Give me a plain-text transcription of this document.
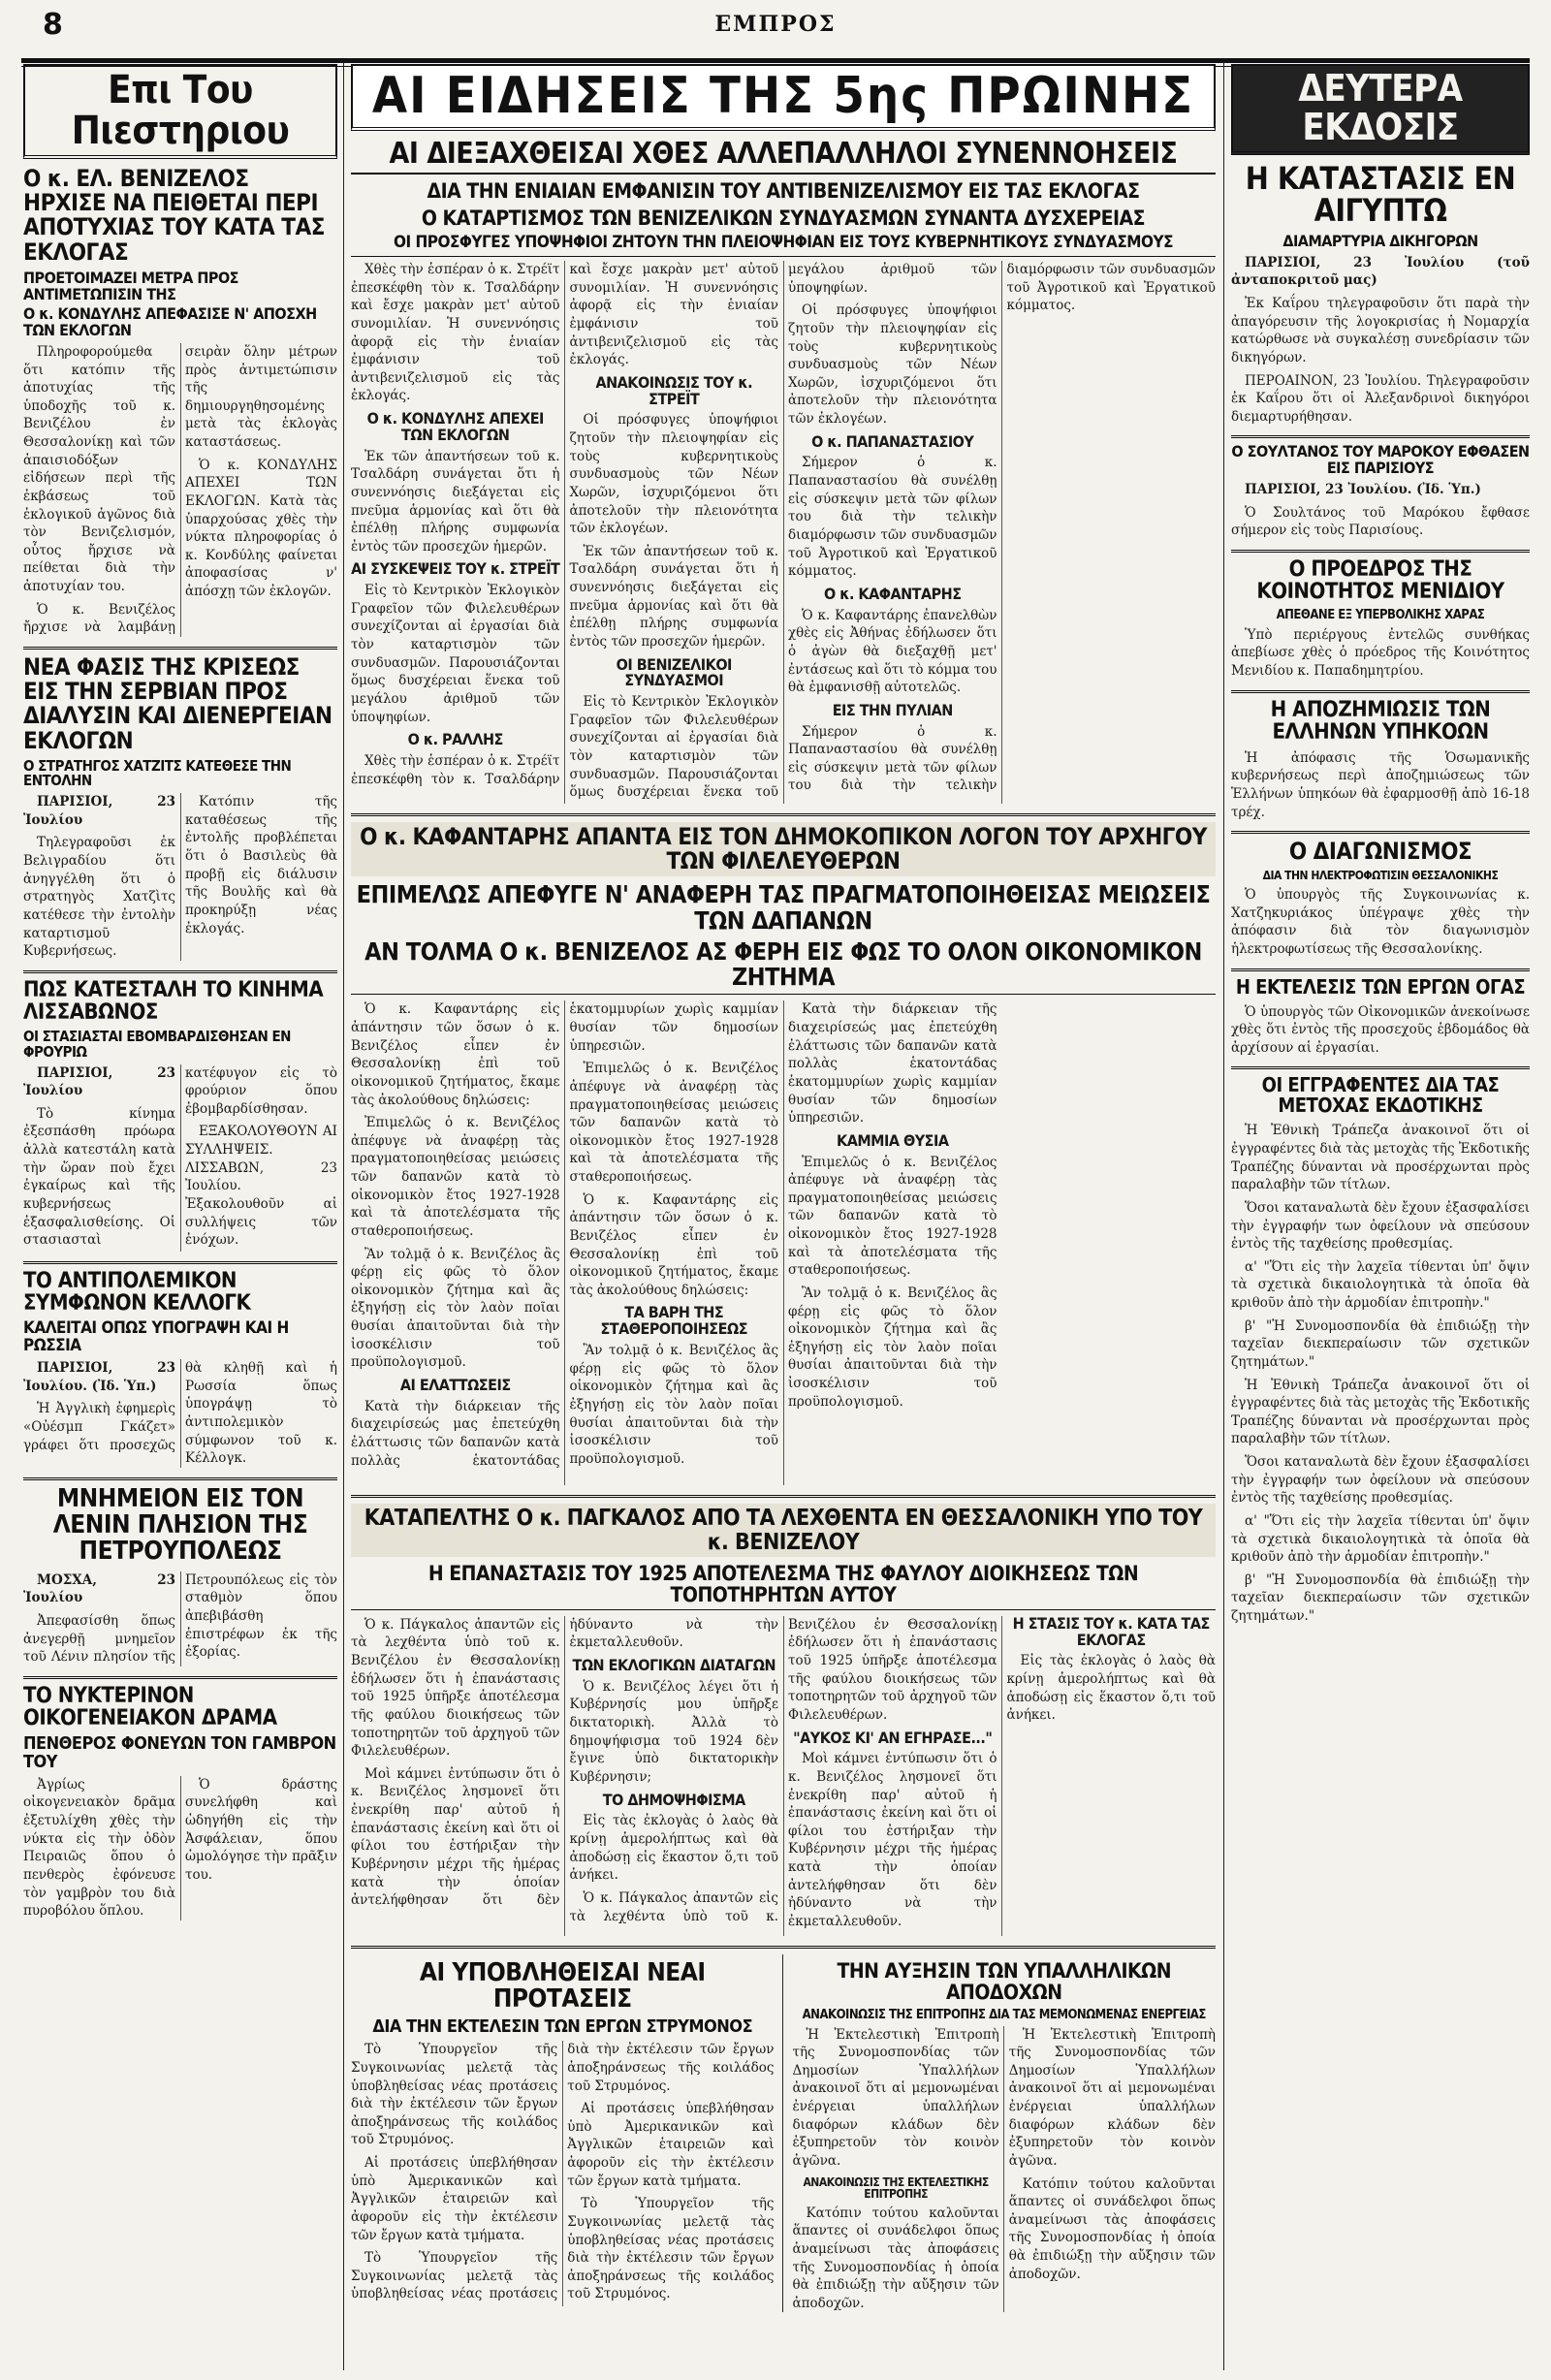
8	ΕΜΠΡΟΣ
Επι Του Πιεστηριου
Ο κ. ΕΛ. ΒΕΝΙΖΕΛΟΣ ΗΡΧΙΣΕ ΝΑ ΠΕΙΘΕΤΑΙ ΠΕΡΙ ΑΠΟΤΥΧΙΑΣ ΤΟΥ ΚΑΤΑ ΤΑΣ ΕΚΛΟΓΑΣ
ΠΡΟΕΤΟΙΜΑΖΕΙ ΜΕΤΡΑ ΠΡΟΣ ΑΝΤΙΜΕΤΩΠΙΣΙΝ ΤΗΣ
Ο κ. ΚΟΝΔΥΛΗΣ ΑΠΕΦΑΣΙΣΕ Ν' ΑΠΟΣΧΗ ΤΩΝ ΕΚΛΟΓΩΝ

Πληροφορούμεθα ὅτι κατόπιν τῆς ἀποτυχίας τῆς ὑποδοχῆς τοῦ κ. Βενιζέλου ἐν Θεσσαλονίκῃ καὶ τῶν ἀπαισιοδόξων εἰδήσεων περὶ τῆς ἐκβάσεως τοῦ ἐκλογικοῦ ἀγῶνος διὰ τὸν Βενιζελισμόν, οὗτος ἤρχισε νὰ πείθεται διὰ τὴν ἀποτυχίαν του.

Ὁ κ. Βενιζέλος ἤρχισε νὰ λαμβάνῃ σειρὰν ὅλην μέτρων πρὸς ἀντιμετώπισιν τῆς δημιουργηθησομένης μετὰ τὰς ἐκλογὰς καταστάσεως.

Ὁ κ. ΚΟΝΔΥΛΗΣ ΑΠΕΧΕΙ ΤΩΝ ΕΚΛΟΓΩΝ. Κατὰ τὰς ὑπαρχούσας χθὲς τὴν νύκτα πληροφορίας ὁ κ. Κονδύλης φαίνεται ἀποφασίσας ν' ἀπόσχῃ τῶν ἐκλογῶν.

ΝΕΑ ΦΑΣΙΣ ΤΗΣ ΚΡΙΣΕΩΣ ΕΙΣ ΤΗΝ ΣΕΡΒΙΑΝ ΠΡΟΣ ΔΙΑΛΥΣΙΝ ΚΑΙ ΔΙΕΝΕΡΓΕΙΑΝ ΕΚΛΟΓΩΝ
Ο ΣΤΡΑΤΗΓΟΣ ΧΑΤΖΙΤΣ ΚΑΤΕΘΕΣΕ ΤΗΝ ΕΝΤΟΛΗΝ

ΠΑΡΙΣΙΟΙ, 23 Ἰουλίου

Τηλεγραφοῦσι ἐκ Βελιγραδίου ὅτι ἀνηγγέλθη ὅτι ὁ στρατηγὸς Χατζὶτς κατέθεσε τὴν ἐντολὴν καταρτισμοῦ Κυβερνήσεως.

Κατόπιν τῆς καταθέσεως τῆς ἐντολῆς προβλέπεται ὅτι ὁ Βασιλεὺς θὰ προβῇ εἰς διάλυσιν τῆς Βουλῆς καὶ θὰ προκηρύξῃ νέας ἐκλογάς.

ΠΩΣ ΚΑΤΕΣΤΑΛΗ ΤΟ ΚΙΝΗΜΑ ΛΙΣΣΑΒΩΝΟΣ
ΟΙ ΣΤΑΣΙΑΣΤΑΙ ΕΒΟΜΒΑΡΔΙΣΘΗΣΑΝ ΕΝ ΦΡΟΥΡΙΩ

ΠΑΡΙΣΙΟΙ, 23 Ἰουλίου

Τὸ κίνημα ἐξεσπάσθη πρόωρα ἀλλὰ κατεστάλη κατὰ τὴν ὥραν ποὺ ἔχει ἐγκαίρως καὶ τῆς κυβερνήσεως ἐξασφαλισθείσης. Οἱ στασιασταὶ κατέφυγον εἰς τὸ φρούριον ὅπου ἐβομβαρδίσθησαν.

ΕΞΑΚΟΛΟΥΘΟΥΝ ΑΙ ΣΥΛΛΗΨΕΙΣ. ΛΙΣΣΑΒΩΝ, 23 Ἰουλίου. Ἐξακολουθοῦν αἱ συλλήψεις τῶν ἐνόχων.

ΤΟ ΑΝΤΙΠΟΛΕΜΙΚΟΝ ΣΥΜΦΩΝΟΝ ΚΕΛΛΟΓΚ
ΚΑΛΕΙΤΑΙ ΟΠΩΣ ΥΠΟΓΡΑΨΗ ΚΑΙ Η ΡΩΣΣΙΑ

ΠΑΡΙΣΙΟΙ, 23 Ἰουλίου. (Ἰδ. Ὑπ.)

Ἡ Ἀγγλικὴ ἐφημερὶς «Οὐέσμπ Γκάζετ» γράφει ὅτι προσεχῶς θὰ κληθῇ καὶ ἡ Ρωσσία ὅπως ὑπογράψῃ τὸ ἀντιπολεμικὸν σύμφωνον τοῦ κ. Κέλλογκ.

ΜΝΗΜΕΙΟΝ ΕΙΣ ΤΟΝ ΛΕΝΙΝ ΠΛΗΣΙΟΝ ΤΗΣ ΠΕΤΡΟΥΠΟΛΕΩΣ

ΜΟΣΧΑ, 23 Ἰουλίου

Ἀπεφασίσθη ὅπως ἀνεγερθῇ μνημεῖον τοῦ Λένιν πλησίον τῆς Πετρουπόλεως εἰς τὸν σταθμὸν ὅπου ἀπεβιβάσθη ἐπιστρέφων ἐκ τῆς ἐξορίας.

ΤΟ ΝΥΚΤΕΡΙΝΟΝ ΟΙΚΟΓΕΝΕΙΑΚΟΝ ΔΡΑΜΑ
ΠΕΝΘΕΡΟΣ ΦΟΝΕΥΩΝ ΤΟΝ ΓΑΜΒΡΟΝ ΤΟΥ

Ἀγρίως οἰκογενειακὸν δρᾶμα ἐξετυλίχθη χθὲς τὴν νύκτα εἰς τὴν ὁδὸν Πειραιῶς ὅπου ὁ πενθερὸς ἐφόνευσε τὸν γαμβρὸν του διὰ πυροβόλου ὅπλου.

Ὁ δράστης συνελήφθη καὶ ὡδηγήθη εἰς τὴν Ἀσφάλειαν, ὅπου ὡμολόγησε τὴν πρᾶξιν του.

ΑΙ ΕΙΔΗΣΕΙΣ ΤΗΣ 5ης ΠΡΩΙΝΗΣ
ΑΙ ΔΙΕΞΑΧΘΕΙΣΑΙ ΧΘΕΣ ΑΛΛΕΠΑΛΛΗΛΟΙ ΣΥΝΕΝΝΟΗΣΕΙΣ
ΔΙΑ ΤΗΝ ΕΝΙΑΙΑΝ ΕΜΦΑΝΙΣΙΝ ΤΟΥ ΑΝΤΙΒΕΝΙΖΕΛΙΣΜΟΥ ΕΙΣ ΤΑΣ ΕΚΛΟΓΑΣ
Ο ΚΑΤΑΡΤΙΣΜΟΣ ΤΩΝ ΒΕΝΙΖΕΛΙΚΩΝ ΣΥΝΔΥΑΣΜΩΝ ΣΥΝΑΝΤΑ ΔΥΣΧΕΡΕΙΑΣ
ΟΙ ΠΡΟΣΦΥΓΕΣ ΥΠΟΨΗΦΙΟΙ ΖΗΤΟΥΝ ΤΗΝ ΠΛΕΙΟΨΗΦΙΑΝ ΕΙΣ ΤΟΥΣ ΚΥΒΕΡΝΗΤΙΚΟΥΣ ΣΥΝΔΥΑΣΜΟΥΣ

Χθὲς τὴν ἑσπέραν ὁ κ. Στρέϊτ ἐπεσκέφθη τὸν κ. Τσαλδάρην καὶ ἔσχε μακρὰν μετ' αὐτοῦ συνομιλίαν. Ἡ συνεννόησις ἀφορᾷ εἰς τὴν ἑνιαίαν ἐμφάνισιν τοῦ ἀντιβενιζελισμοῦ εἰς τὰς ἐκλογάς.

Ο κ. ΚΟΝΔΥΛΗΣ ΑΠΕΧΕΙ ΤΩΝ ΕΚΛΟΓΩΝ

Ἐκ τῶν ἀπαντήσεων τοῦ κ. Τσαλδάρη συνάγεται ὅτι ἡ συνεννόησις διεξάγεται εἰς πνεῦμα ἁρμονίας καὶ ὅτι θὰ ἐπέλθῃ πλήρης συμφωνία ἐντὸς τῶν προσεχῶν ἡμερῶν.

ΑΙ ΣΥΣΚΕΨΕΙΣ ΤΟΥ κ. ΣΤΡΕΪΤ

Εἰς τὸ Κεντρικὸν Ἐκλογικὸν Γραφεῖον τῶν Φιλελευθέρων συνεχίζονται αἱ ἐργασίαι διὰ τὸν καταρτισμὸν τῶν συνδυασμῶν. Παρουσιάζονται ὅμως δυσχέρειαι ἕνεκα τοῦ μεγάλου ἀριθμοῦ τῶν ὑποψηφίων.

Ο κ. ΡΑΛΛΗΣ

Χθὲς τὴν ἑσπέραν ὁ κ. Στρέϊτ ἐπεσκέφθη τὸν κ. Τσαλδάρην καὶ ἔσχε μακρὰν μετ' αὐτοῦ συνομιλίαν. Ἡ συνεννόησις ἀφορᾷ εἰς τὴν ἑνιαίαν ἐμφάνισιν τοῦ ἀντιβενιζελισμοῦ εἰς τὰς ἐκλογάς.

ΑΝΑΚΟΙΝΩΣΙΣ ΤΟΥ κ. ΣΤΡΕΪΤ

Οἱ πρόσφυγες ὑποψήφιοι ζητοῦν τὴν πλειοψηφίαν εἰς τοὺς κυβερνητικοὺς συνδυασμοὺς τῶν Νέων Χωρῶν, ἰσχυριζόμενοι ὅτι ἀποτελοῦν τὴν πλειονότητα τῶν ἐκλογέων.

Ἐκ τῶν ἀπαντήσεων τοῦ κ. Τσαλδάρη συνάγεται ὅτι ἡ συνεννόησις διεξάγεται εἰς πνεῦμα ἁρμονίας καὶ ὅτι θὰ ἐπέλθῃ πλήρης συμφωνία ἐντὸς τῶν προσεχῶν ἡμερῶν.

ΟΙ ΒΕΝΙΖΕΛΙΚΟΙ ΣΥΝΔΥΑΣΜΟΙ

Εἰς τὸ Κεντρικὸν Ἐκλογικὸν Γραφεῖον τῶν Φιλελευθέρων συνεχίζονται αἱ ἐργασίαι διὰ τὸν καταρτισμὸν τῶν συνδυασμῶν. Παρουσιάζονται ὅμως δυσχέρειαι ἕνεκα τοῦ μεγάλου ἀριθμοῦ τῶν ὑποψηφίων.

Οἱ πρόσφυγες ὑποψήφιοι ζητοῦν τὴν πλειοψηφίαν εἰς τοὺς κυβερνητικοὺς συνδυασμοὺς τῶν Νέων Χωρῶν, ἰσχυριζόμενοι ὅτι ἀποτελοῦν τὴν πλειονότητα τῶν ἐκλογέων.

Ο κ. ΠΑΠΑΝΑΣΤΑΣΙΟΥ

Σήμερον ὁ κ. Παπαναστασίου θὰ συνέλθῃ εἰς σύσκεψιν μετὰ τῶν φίλων του διὰ τὴν τελικὴν διαμόρφωσιν τῶν συνδυασμῶν τοῦ Ἀγροτικοῦ καὶ Ἐργατικοῦ κόμματος.

Ο κ. ΚΑΦΑΝΤΑΡΗΣ

Ὁ κ. Καφαντάρης ἐπανελθὼν χθὲς εἰς Ἀθήνας ἐδήλωσεν ὅτι ὁ ἀγὼν θὰ διεξαχθῇ μετ' ἐντάσεως καὶ ὅτι τὸ κόμμα του θὰ ἐμφανισθῇ αὐτοτελῶς.

ΕΙΣ ΤΗΝ ΠΥΛΙΑΝ

Σήμερον ὁ κ. Παπαναστασίου θὰ συνέλθῃ εἰς σύσκεψιν μετὰ τῶν φίλων του διὰ τὴν τελικὴν διαμόρφωσιν τῶν συνδυασμῶν τοῦ Ἀγροτικοῦ καὶ Ἐργατικοῦ κόμματος.

Ο κ. ΚΑΦΑΝΤΑΡΗΣ ΑΠΑΝΤΑ ΕΙΣ ΤΟΝ ΔΗΜΟΚΟΠΙΚΟΝ ΛΟΓΟΝ ΤΟΥ ΑΡΧΗΓΟΥ ΤΩΝ ΦΙΛΕΛΕΥΘΕΡΩΝ
ΕΠΙΜΕΛΩΣ ΑΠΕΦΥΓΕ Ν' ΑΝΑΦΕΡΗ ΤΑΣ ΠΡΑΓΜΑΤΟΠΟΙΗΘΕΙΣΑΣ ΜΕΙΩΣΕΙΣ ΤΩΝ ΔΑΠΑΝΩΝ
ΑΝ ΤΟΛΜΑ Ο κ. ΒΕΝΙΖΕΛΟΣ ΑΣ ΦΕΡΗ ΕΙΣ ΦΩΣ ΤΟ ΟΛΟΝ ΟΙΚΟΝΟΜΙΚΟΝ ΖΗΤΗΜΑ

Ὁ κ. Καφαντάρης εἰς ἀπάντησιν τῶν ὅσων ὁ κ. Βενιζέλος εἶπεν ἐν Θεσσαλονίκῃ ἐπὶ τοῦ οἰκονομικοῦ ζητήματος, ἔκαμε τὰς ἀκολούθους δηλώσεις:

Ἐπιμελῶς ὁ κ. Βενιζέλος ἀπέφυγε νὰ ἀναφέρῃ τὰς πραγματοποιηθείσας μειώσεις τῶν δαπανῶν κατὰ τὸ οἰκονομικὸν ἔτος 1927-1928 καὶ τὰ ἀποτελέσματα τῆς σταθεροποιήσεως.

Ἂν τολμᾷ ὁ κ. Βενιζέλος ἂς φέρῃ εἰς φῶς τὸ ὅλον οἰκονομικὸν ζήτημα καὶ ἂς ἐξηγήσῃ εἰς τὸν λαὸν ποῖαι θυσίαι ἀπαιτοῦνται διὰ τὴν ἰσοσκέλισιν τοῦ προϋπολογισμοῦ.

ΑΙ ΕΛΑΤΤΩΣΕΙΣ

Κατὰ τὴν διάρκειαν τῆς διαχειρίσεώς μας ἐπετεύχθη ἐλάττωσις τῶν δαπανῶν κατὰ πολλὰς ἑκατοντάδας ἑκατομμυρίων χωρὶς καμμίαν θυσίαν τῶν δημοσίων ὑπηρεσιῶν.

Ἐπιμελῶς ὁ κ. Βενιζέλος ἀπέφυγε νὰ ἀναφέρῃ τὰς πραγματοποιηθείσας μειώσεις τῶν δαπανῶν κατὰ τὸ οἰκονομικὸν ἔτος 1927-1928 καὶ τὰ ἀποτελέσματα τῆς σταθεροποιήσεως.

Ὁ κ. Καφαντάρης εἰς ἀπάντησιν τῶν ὅσων ὁ κ. Βενιζέλος εἶπεν ἐν Θεσσαλονίκῃ ἐπὶ τοῦ οἰκονομικοῦ ζητήματος, ἔκαμε τὰς ἀκολούθους δηλώσεις:

ΤΑ ΒΑΡΗ ΤΗΣ ΣΤΑΘΕΡΟΠΟΙΗΣΕΩΣ

Ἂν τολμᾷ ὁ κ. Βενιζέλος ἂς φέρῃ εἰς φῶς τὸ ὅλον οἰκονομικὸν ζήτημα καὶ ἂς ἐξηγήσῃ εἰς τὸν λαὸν ποῖαι θυσίαι ἀπαιτοῦνται διὰ τὴν ἰσοσκέλισιν τοῦ προϋπολογισμοῦ.

Κατὰ τὴν διάρκειαν τῆς διαχειρίσεώς μας ἐπετεύχθη ἐλάττωσις τῶν δαπανῶν κατὰ πολλὰς ἑκατοντάδας ἑκατομμυρίων χωρὶς καμμίαν θυσίαν τῶν δημοσίων ὑπηρεσιῶν.

ΚΑΜΜΙΑ ΘΥΣΙΑ

Ἐπιμελῶς ὁ κ. Βενιζέλος ἀπέφυγε νὰ ἀναφέρῃ τὰς πραγματοποιηθείσας μειώσεις τῶν δαπανῶν κατὰ τὸ οἰκονομικὸν ἔτος 1927-1928 καὶ τὰ ἀποτελέσματα τῆς σταθεροποιήσεως.

Ἂν τολμᾷ ὁ κ. Βενιζέλος ἂς φέρῃ εἰς φῶς τὸ ὅλον οἰκονομικὸν ζήτημα καὶ ἂς ἐξηγήσῃ εἰς τὸν λαὸν ποῖαι θυσίαι ἀπαιτοῦνται διὰ τὴν ἰσοσκέλισιν τοῦ προϋπολογισμοῦ.

ΚΑΤΑΠΕΛΤΗΣ Ο κ. ΠΑΓΚΑΛΟΣ ΑΠΟ ΤΑ ΛΕΧΘΕΝΤΑ ΕΝ ΘΕΣΣΑΛΟΝΙΚΗ ΥΠΟ ΤΟΥ κ. ΒΕΝΙΖΕΛΟΥ
Η ΕΠΑΝΑΣΤΑΣΙΣ ΤΟΥ 1925 ΑΠΟΤΕΛΕΣΜΑ ΤΗΣ ΦΑΥΛΟΥ ΔΙΟΙΚΗΣΕΩΣ ΤΩΝ ΤΟΠΟΤΗΡΗΤΩΝ ΑΥΤΟΥ

Ὁ κ. Πάγκαλος ἀπαντῶν εἰς τὰ λεχθέντα ὑπὸ τοῦ κ. Βενιζέλου ἐν Θεσσαλονίκῃ ἐδήλωσεν ὅτι ἡ ἐπανάστασις τοῦ 1925 ὑπῆρξε ἀποτέλεσμα τῆς φαύλου διοικήσεως τῶν τοποτηρητῶν τοῦ ἀρχηγοῦ τῶν Φιλελευθέρων.

Μοὶ κάμνει ἐντύπωσιν ὅτι ὁ κ. Βενιζέλος λησμονεῖ ὅτι ἐνεκρίθη παρ' αὐτοῦ ἡ ἐπανάστασις ἐκείνη καὶ ὅτι οἱ φίλοι του ἐστήριξαν τὴν Κυβέρνησιν μέχρι τῆς ἡμέρας κατὰ τὴν ὁποίαν ἀντελήφθησαν ὅτι δὲν ἠδύναντο νὰ τὴν ἐκμεταλλευθοῦν.

ΤΩΝ ΕΚΛΟΓΙΚΩΝ ΔΙΑΤΑΓΩΝ

Ὁ κ. Βενιζέλος λέγει ὅτι ἡ Κυβέρνησίς μου ὑπῆρξε δικτατορικὴ. Ἀλλὰ τὸ δημοψήφισμα τοῦ 1924 δὲν ἔγινε ὑπὸ δικτατορικὴν Κυβέρνησιν;

ΤΟ ΔΗΜΟΨΗΦΙΣΜΑ

Εἰς τὰς ἐκλογὰς ὁ λαὸς θὰ κρίνῃ ἀμερολήπτως καὶ θὰ ἀποδώσῃ εἰς ἕκαστον ὅ,τι τοῦ ἀνήκει.

Ὁ κ. Πάγκαλος ἀπαντῶν εἰς τὰ λεχθέντα ὑπὸ τοῦ κ. Βενιζέλου ἐν Θεσσαλονίκῃ ἐδήλωσεν ὅτι ἡ ἐπανάστασις τοῦ 1925 ὑπῆρξε ἀποτέλεσμα τῆς φαύλου διοικήσεως τῶν τοποτηρητῶν τοῦ ἀρχηγοῦ τῶν Φιλελευθέρων.

"ΑΥΚΟΣ ΚΙ' ΑΝ ΕΓΗΡΑΣΕ..."

Μοὶ κάμνει ἐντύπωσιν ὅτι ὁ κ. Βενιζέλος λησμονεῖ ὅτι ἐνεκρίθη παρ' αὐτοῦ ἡ ἐπανάστασις ἐκείνη καὶ ὅτι οἱ φίλοι του ἐστήριξαν τὴν Κυβέρνησιν μέχρι τῆς ἡμέρας κατὰ τὴν ὁποίαν ἀντελήφθησαν ὅτι δὲν ἠδύναντο νὰ τὴν ἐκμεταλλευθοῦν.

Η ΣΤΑΣΙΣ ΤΟΥ κ. ΚΑΤΑ ΤΑΣ ΕΚΛΟΓΑΣ

Εἰς τὰς ἐκλογὰς ὁ λαὸς θὰ κρίνῃ ἀμερολήπτως καὶ θὰ ἀποδώσῃ εἰς ἕκαστον ὅ,τι τοῦ ἀνήκει.

ΑΙ ΥΠΟΒΛΗΘΕΙΣΑΙ ΝΕΑΙ ΠΡΟΤΑΣΕΙΣ
ΔΙΑ ΤΗΝ ΕΚΤΕΛΕΣΙΝ ΤΩΝ ΕΡΓΩΝ ΣΤΡΥΜΟΝΟΣ

Τὸ Ὑπουργεῖον τῆς Συγκοινωνίας μελετᾷ τὰς ὑποβληθείσας νέας προτάσεις διὰ τὴν ἐκτέλεσιν τῶν ἔργων ἀποξηράνσεως τῆς κοιλάδος τοῦ Στρυμόνος.

Αἱ προτάσεις ὑπεβλήθησαν ὑπὸ Ἀμερικανικῶν καὶ Ἀγγλικῶν ἑταιρειῶν καὶ ἀφοροῦν εἰς τὴν ἐκτέλεσιν τῶν ἔργων κατὰ τμήματα.

Τὸ Ὑπουργεῖον τῆς Συγκοινωνίας μελετᾷ τὰς ὑποβληθείσας νέας προτάσεις διὰ τὴν ἐκτέλεσιν τῶν ἔργων ἀποξηράνσεως τῆς κοιλάδος τοῦ Στρυμόνος.

Αἱ προτάσεις ὑπεβλήθησαν ὑπὸ Ἀμερικανικῶν καὶ Ἀγγλικῶν ἑταιρειῶν καὶ ἀφοροῦν εἰς τὴν ἐκτέλεσιν τῶν ἔργων κατὰ τμήματα.

Τὸ Ὑπουργεῖον τῆς Συγκοινωνίας μελετᾷ τὰς ὑποβληθείσας νέας προτάσεις διὰ τὴν ἐκτέλεσιν τῶν ἔργων ἀποξηράνσεως τῆς κοιλάδος τοῦ Στρυμόνος.

ΤΗΝ ΑΥΞΗΣΙΝ ΤΩΝ ΥΠΑΛΛΗΛΙΚΩΝ ΑΠΟΔΟΧΩΝ
ΑΝΑΚΟΙΝΩΣΙΣ ΤΗΣ ΕΠΙΤΡΟΠΗΣ ΔΙΑ ΤΑΣ ΜΕΜΟΝΩΜΕΝΑΣ ΕΝΕΡΓΕΙΑΣ

Ἡ Ἐκτελεστικὴ Ἐπιτροπὴ τῆς Συνομοσπονδίας τῶν Δημοσίων Ὑπαλλήλων ἀνακοινοῖ ὅτι αἱ μεμονωμέναι ἐνέργειαι ὑπαλλήλων διαφόρων κλάδων δὲν ἐξυπηρετοῦν τὸν κοινὸν ἀγῶνα.

ΑΝΑΚΟΙΝΩΣΙΣ ΤΗΣ ΕΚΤΕΛΕΣΤΙΚΗΣ ΕΠΙΤΡΟΠΗΣ

Κατόπιν τούτου καλοῦνται ἅπαντες οἱ συνάδελφοι ὅπως ἀναμείνωσι τὰς ἀποφάσεις τῆς Συνομοσπονδίας ἡ ὁποία θὰ ἐπιδιώξῃ τὴν αὔξησιν τῶν ἀποδοχῶν.

Ἡ Ἐκτελεστικὴ Ἐπιτροπὴ τῆς Συνομοσπονδίας τῶν Δημοσίων Ὑπαλλήλων ἀνακοινοῖ ὅτι αἱ μεμονωμέναι ἐνέργειαι ὑπαλλήλων διαφόρων κλάδων δὲν ἐξυπηρετοῦν τὸν κοινὸν ἀγῶνα.

Κατόπιν τούτου καλοῦνται ἅπαντες οἱ συνάδελφοι ὅπως ἀναμείνωσι τὰς ἀποφάσεις τῆς Συνομοσπονδίας ἡ ὁποία θὰ ἐπιδιώξῃ τὴν αὔξησιν τῶν ἀποδοχῶν.

ΔΕΥΤΕΡΑ ΕΚΔΟΣΙΣ
Η ΚΑΤΑΣΤΑΣΙΣ ΕΝ ΑΙΓΥΠΤΩ
ΔΙΑΜΑΡΤΥΡΙΑ ΔΙΚΗΓΟΡΩΝ

ΠΑΡΙΣΙΟΙ, 23 Ἰουλίου (τοῦ ἀνταποκριτοῦ μας)

Ἐκ Καΐρου τηλεγραφοῦσιν ὅτι παρὰ τὴν ἀπαγόρευσιν τῆς λογοκρισίας ἡ Νομαρχία κατώρθωσε νὰ συγκαλέσῃ συνεδρίασιν τῶν δικηγόρων.

ΠΕΡΟΑΙΝΟΝ, 23 Ἰουλίου. Τηλεγραφοῦσιν ἐκ Καΐρου ὅτι οἱ Ἀλεξανδρινοὶ δικηγόροι διεμαρτυρήθησαν.

Ο ΣΟΥΛΤΑΝΟΣ ΤΟΥ ΜΑΡΟΚΟΥ ΕΦΘΑΣΕΝ ΕΙΣ ΠΑΡΙΣΙΟΥΣ

ΠΑΡΙΣΙΟΙ, 23 Ἰουλίου. (Ἰδ. Ὑπ.)

Ὁ Σουλτάνος τοῦ Μαρόκου ἔφθασε σήμερον εἰς τοὺς Παρισίους.

Ο ΠΡΟΕΔΡΟΣ ΤΗΣ ΚΟΙΝΟΤΗΤΟΣ ΜΕΝΙΔΙΟΥ
ΑΠΕΘΑΝΕ ΕΞ ΥΠΕΡΒΟΛΙΚΗΣ ΧΑΡΑΣ

Ὑπὸ περιέργους ἐντελῶς συνθήκας ἀπεβίωσε χθὲς ὁ πρόεδρος τῆς Κοινότητος Μενιδίου κ. Παπαδημητρίου.

Η ΑΠΟΖΗΜΙΩΣΙΣ ΤΩΝ ΕΛΛΗΝΩΝ ΥΠΗΚΟΩΝ

Ἡ ἀπόφασις τῆς Ὁσωμανικῆς κυβερνήσεως περὶ ἀποζημιώσεως τῶν Ἑλλήνων ὑπηκόων θὰ ἐφαρμοσθῇ ἀπὸ 16-18 τρέχ.

Ο ΔΙΑΓΩΝΙΣΜΟΣ
ΔΙΑ ΤΗΝ ΗΛΕΚΤΡΟΦΩΤΙΣΙΝ ΘΕΣΣΑΛΟΝΙΚΗΣ

Ὁ ὑπουργὸς τῆς Συγκοινωνίας κ. Χατζηκυριάκος ὑπέγραψε χθὲς τὴν ἀπόφασιν διὰ τὸν διαγωνισμὸν ἡλεκτροφωτίσεως τῆς Θεσσαλονίκης.

Η ΕΚΤΕΛΕΣΙΣ ΤΩΝ ΕΡΓΩΝ ΟΓΑΣ

Ὁ ὑπουργὸς τῶν Οἰκονομικῶν ἀνεκοίνωσε χθὲς ὅτι ἐντὸς τῆς προσεχοῦς ἑβδομάδος θὰ ἀρχίσουν αἱ ἐργασίαι.

ΟΙ ΕΓΓΡΑΦΕΝΤΕΣ ΔΙΑ ΤΑΣ ΜΕΤΟΧΑΣ ΕΚΔΟΤΙΚΗΣ

Ἡ Ἐθνικὴ Τράπεζα ἀνακοινοῖ ὅτι οἱ ἐγγραφέντες διὰ τὰς μετοχὰς τῆς Ἐκδοτικῆς Τραπέζης δύνανται νὰ προσέρχωνται πρὸς παραλαβὴν τῶν τίτλων.

Ὅσοι καταναλωτὰ δὲν ἔχουν ἐξασφαλίσει τὴν ἐγγραφήν των ὀφείλουν νὰ σπεύσουν ἐντὸς τῆς ταχθείσης προθεσμίας.

α' "Ὅτι εἰς τὴν λαχεῖα τίθενται ὑπ' ὄψιν τὰ σχετικὰ δικαιολογητικὰ τὰ ὁποῖα θὰ κριθοῦν ἀπὸ τὴν ἁρμοδίαν ἐπιτροπὴν."

β' "Ἡ Συνομοσπονδία θὰ ἐπιδιώξῃ τὴν ταχεῖαν διεκπεραίωσιν τῶν σχετικῶν ζητημάτων."

Ἡ Ἐθνικὴ Τράπεζα ἀνακοινοῖ ὅτι οἱ ἐγγραφέντες διὰ τὰς μετοχὰς τῆς Ἐκδοτικῆς Τραπέζης δύνανται νὰ προσέρχωνται πρὸς παραλαβὴν τῶν τίτλων.

Ὅσοι καταναλωτὰ δὲν ἔχουν ἐξασφαλίσει τὴν ἐγγραφήν των ὀφείλουν νὰ σπεύσουν ἐντὸς τῆς ταχθείσης προθεσμίας.

α' "Ὅτι εἰς τὴν λαχεῖα τίθενται ὑπ' ὄψιν τὰ σχετικὰ δικαιολογητικὰ τὰ ὁποῖα θὰ κριθοῦν ἀπὸ τὴν ἁρμοδίαν ἐπιτροπὴν."

β' "Ἡ Συνομοσπονδία θὰ ἐπιδιώξῃ τὴν ταχεῖαν διεκπεραίωσιν τῶν σχετικῶν ζητημάτων."
